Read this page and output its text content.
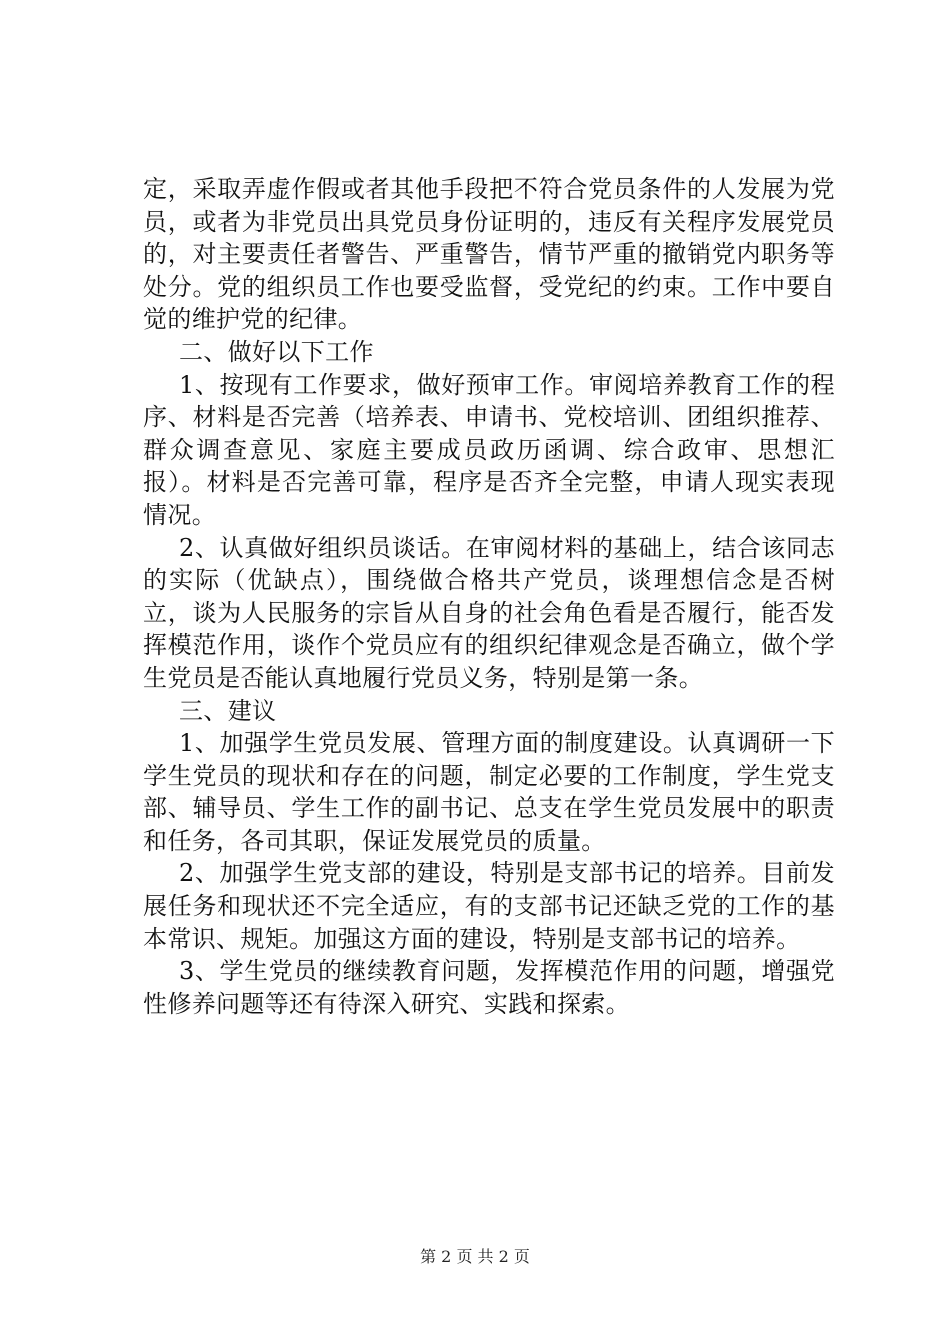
定，采取弄虚作假或者其他手段把不符合党员条件的人发展为党员，或者为非党员出具党员身份证明的，违反有关程序发展党员的，对主要责任者警告、严重警告，情节严重的撤销党内职务等处分。党的组织员工作也要受监督，受党纪的约束。工作中要自觉的维护党的纪律。

二、做好以下工作

1、按现有工作要求，做好预审工作。审阅培养教育工作的程序、材料是否完善（培养表、申请书、党校培训、团组织推荐、群众调查意见、家庭主要成员政历函调、综合政审、思想汇报）。材料是否完善可靠，程序是否齐全完整，申请人现实表现情况。

2、认真做好组织员谈话。在审阅材料的基础上，结合该同志的实际（优缺点），围绕做合格共产党员，谈理想信念是否树立，谈为人民服务的宗旨从自身的社会角色看是否履行，能否发挥模范作用，谈作个党员应有的组织纪律观念是否确立，做个学生党员是否能认真地履行党员义务，特别是第一条。

三、建议

1、加强学生党员发展、管理方面的制度建设。认真调研一下学生党员的现状和存在的问题，制定必要的工作制度，学生党支部、辅导员、学生工作的副书记、总支在学生党员发展中的职责和任务，各司其职，保证发展党员的质量。

2、加强学生党支部的建设，特别是支部书记的培养。目前发展任务和现状还不完全适应，有的支部书记还缺乏党的工作的基本常识、规矩。加强这方面的建设，特别是支部书记的培养。

3、学生党员的继续教育问题，发挥模范作用的问题，增强党性修养问题等还有待深入研究、实践和探索。

第 2 页 共 2 页
